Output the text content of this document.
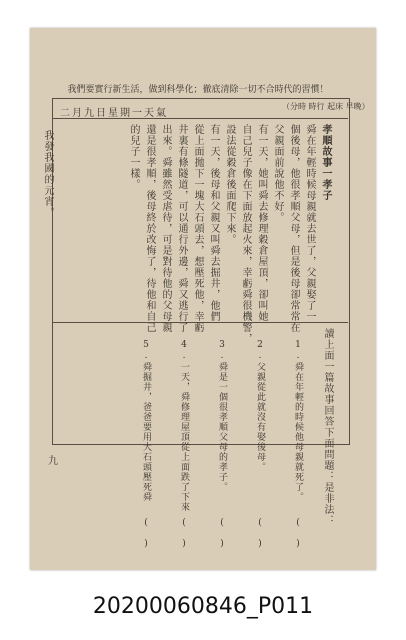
我們要實行新生活，做到科學化；徹底清除一切不合時代的習慣！
二月九日星期一天氣
（分時 時行 起床 早晚）
我發我國的元宵。	孝順故事一孝子
舜在年輕時候母親就去世了，父親娶了一
個後母，他很孝順父母，但是後母卻常常在
父親面前說他不好。
有一天，她叫舜去修理穀倉屋頂，卻叫她
自己兒子像在下面放起火來，幸虧舜很機警，
設法從穀倉後面爬下來。
有一天，後母和父親又叫舜去掘井，他們
從上面拋下一塊大石頭去，想壓死他，幸虧
井裏有條隧道，可以通行外邊，舜又逃行了
出來。舜雖然受虐待，可是對待他的父母親
還是很孝順，後母終於改悔了，待他和自己
的兒子一樣。
讀上面一篇故事回答下面問題：是非法：
1.舜在年輕的時候他母親就死了。
2.父親從此就沒有娶後母。
3.舜是一個很孝順父母的孝子。
4.一天，舜修理屋頂從上面跌了下來
5.舜掘井，爸爸要用大石頭壓死舜
(　)
(　)
(　)
(　)
(　)
九
20200060846_P011
